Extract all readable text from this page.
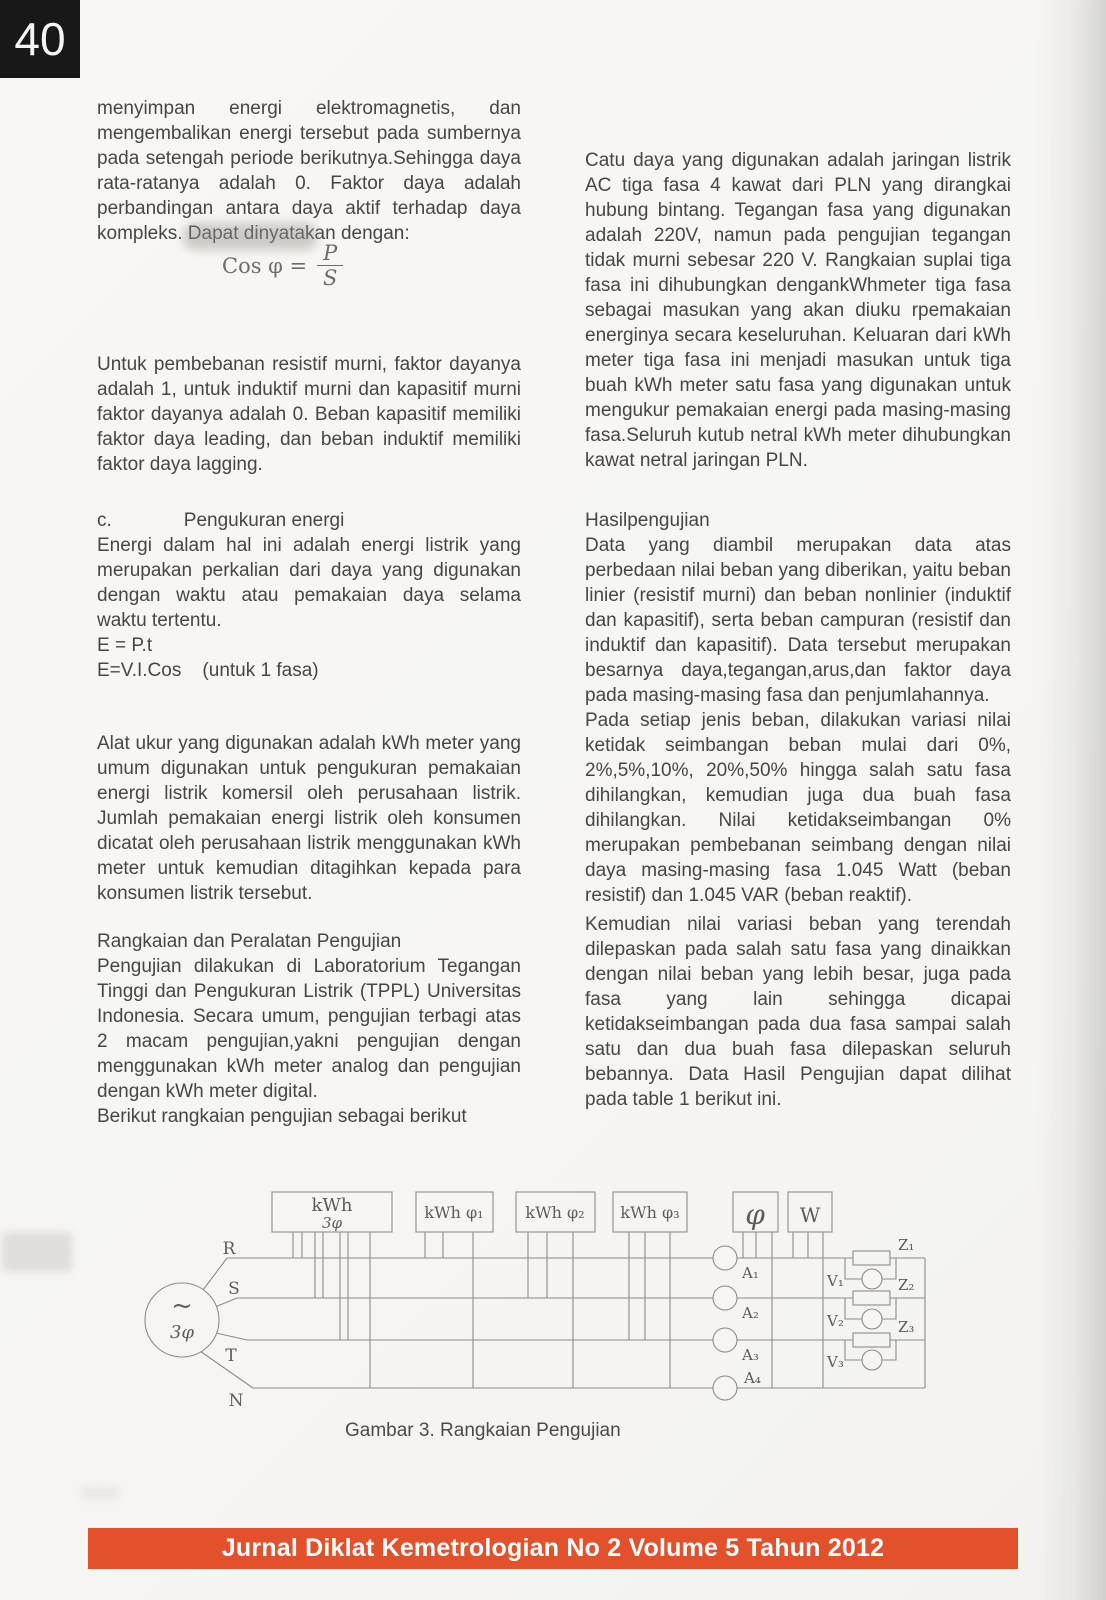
40

menyimpan energi elektromagnetis, dan mengembalikan energi tersebut pada sumbernya pada setengah periode berikutnya.Sehingga daya rata-ratanya adalah 0. Faktor daya adalah perbandingan antara daya aktif terhadap daya kompleks. Dapat dinyatakan dengan:

Cos $\varphi = \frac{P}{S}$

Untuk pembebanan resistif murni, faktor dayanya adalah 1, untuk induktif murni dan kapasitif murni faktor dayanya adalah 0. Beban kapasitif memiliki faktor daya leading, dan beban induktif memiliki faktor daya lagging.

c.	Pengukuran energi

Energi dalam hal ini adalah energi listrik yang merupakan perkalian dari daya yang digunakan dengan waktu atau pemakaian daya selama waktu tertentu.

E = P.t

E=V.I.Cos    (untuk 1 fasa)

Alat ukur yang digunakan adalah kWh meter yang umum digunakan untuk pengukuran pemakaian energi listrik komersil oleh perusahaan listrik. Jumlah pemakaian energi listrik oleh konsumen dicatat oleh perusahaan listrik menggunakan kWh meter untuk kemudian ditagihkan kepada para konsumen listrik tersebut.

Rangkaian dan Peralatan Pengujian

Pengujian dilakukan di Laboratorium Tegangan Tinggi dan Pengukuran Listrik (TPPL) Universitas Indonesia. Secara umum, pengujian terbagi atas 2 macam pengujian,yakni pengujian dengan menggunakan kWh meter analog dan pengujian dengan kWh meter digital.

Berikut rangkaian pengujian sebagai berikut

Catu daya yang digunakan adalah jaringan listrik AC tiga fasa 4 kawat dari PLN yang dirangkai hubung bintang. Tegangan fasa yang digunakan adalah 220V, namun pada pengujian tegangan tidak murni sebesar 220 V. Rangkaian suplai tiga fasa ini dihubungkan dengankWhmeter tiga fasa sebagai masukan yang akan diuku rpemakaian energinya secara keseluruhan. Keluaran dari kWh meter tiga fasa ini menjadi masukan untuk tiga buah kWh meter satu fasa yang digunakan untuk mengukur pemakaian energi pada masing-masing fasa.Seluruh kutub netral kWh meter dihubungkan kawat netral jaringan PLN.

Hasilpengujian

Data yang diambil merupakan data atas perbedaan nilai beban yang diberikan, yaitu beban linier (resistif murni) dan beban nonlinier (induktif dan kapasitif), serta beban campuran (resistif dan induktif dan kapasitif). Data tersebut merupakan besarnya daya,tegangan,arus,dan faktor daya pada masing-masing fasa dan penjumlahannya.

Pada setiap jenis beban, dilakukan variasi nilai ketidak seimbangan beban mulai dari 0%, 2%,5%,10%, 20%,50% hingga salah satu fasa dihilangkan, kemudian juga dua buah fasa dihilangkan. Nilai ketidakseimbangan 0% merupakan pembebanan seimbang dengan nilai daya masing-masing fasa 1.045 Watt (beban resistif) dan 1.045 VAR (beban reaktif).

Kemudian nilai variasi beban yang terendah dilepaskan pada salah satu fasa yang dinaikkan dengan nilai beban yang lebih besar, juga pada fasa yang lain sehingga dicapai ketidakseimbangan pada dua fasa sampai salah satu dan dua buah fasa dilepaskan seluruh bebannya. Data Hasil Pengujian dapat dilihat pada table 1 berikut ini.

~
3φ
R
S
T
N
kWh
3φ
kWh φ₁	kWh φ₂ kWh φ₃ φ W
A₁
A₂
A₃
A₄
Z₁
Z₂
Z₃
V₁
V₂
V₃

Gambar 3. Rangkaian Pengujian

Jurnal Diklat Kemetrologian No 2 Volume 5 Tahun 2012
